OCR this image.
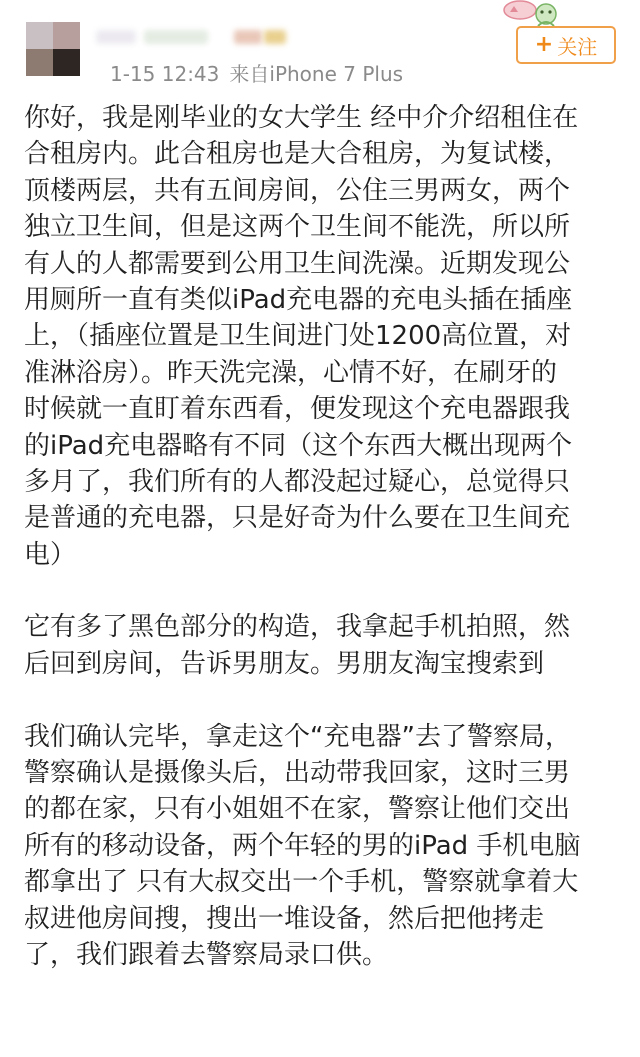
1-15 12:43 来自iPhone 7 Plus
+ 关注
你好，我是刚毕业的女大学生 经中介介绍租住在
合租房内。此合租房也是大合租房，为复试楼，
顶楼两层，共有五间房间，公住三男两女，两个
独立卫生间，但是这两个卫生间不能洗，所以所
有人的人都需要到公用卫生间洗澡。近期发现公
用厕所一直有类似iPad充电器的充电头插在插座
上，（插座位置是卫生间进门处1200高位置，对
准淋浴房）。昨天洗完澡，心情不好，在刷牙的
时候就一直盯着东西看，便发现这个充电器跟我
的iPad充电器略有不同（这个东西大概出现两个
多月了，我们所有的人都没起过疑心，总觉得只
是普通的充电器，只是好奇为什么要在卫生间充
电）
它有多了黑色部分的构造，我拿起手机拍照，然
后回到房间，告诉男朋友。男朋友淘宝搜索到
我们确认完毕，拿走这个“充电器”去了警察局，
警察确认是摄像头后，出动带我回家，这时三男
的都在家，只有小姐姐不在家，警察让他们交出
所有的移动设备，两个年轻的男的iPad 手机电脑
都拿出了 只有大叔交出一个手机，警察就拿着大
叔进他房间搜，搜出一堆设备，然后把他拷走
了，我们跟着去警察局录口供。
